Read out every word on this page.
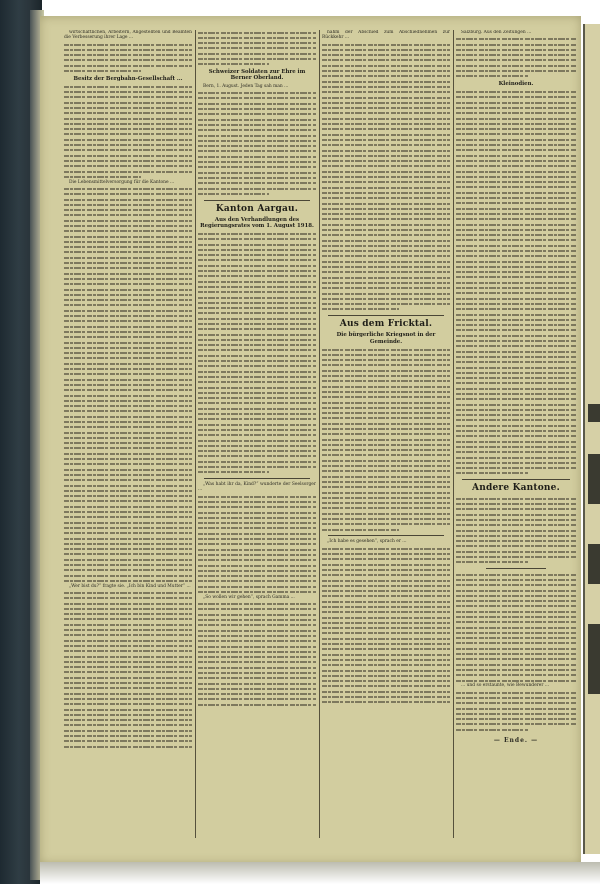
wirtschaftlichen, Arbeitern, Angestellten und Beamten die Verbesserung ihrer Lage ...

Besitz der Bergbahn-Gesellschaft ...

Die Lebensmittelversorgung für die Kantone ...

„Wer bist du?“ fragte sie. „Ich bin Kind und Mutter“ ...

Schweizer Soldaten zur Ehre im Berner Oberland.

Bern, 1. August. Jeden Tag sah man ...

Kanton Aargau.
Aus den Verhandlungen des Regierungsrates vom 1. August 1918.

„Was habt ihr da, Kind?“ wunderte der Seelsorger ...

„So wollen wir gehen“, sprach Gamma ...

nahm der Abschied zum Abschiednehmen zur Rückkehr ...

Aus dem Fricktal.
Die bürgerliche Kriegsnot in der Gemeinde.

„Ich habe es gesehen“, sprach er ...

Salzburg. Aus den Zeitungen ...

Kleinodien.
Andere Kantone.

... und so erstaunte, wie Bewunderer ...

— Ende. —
